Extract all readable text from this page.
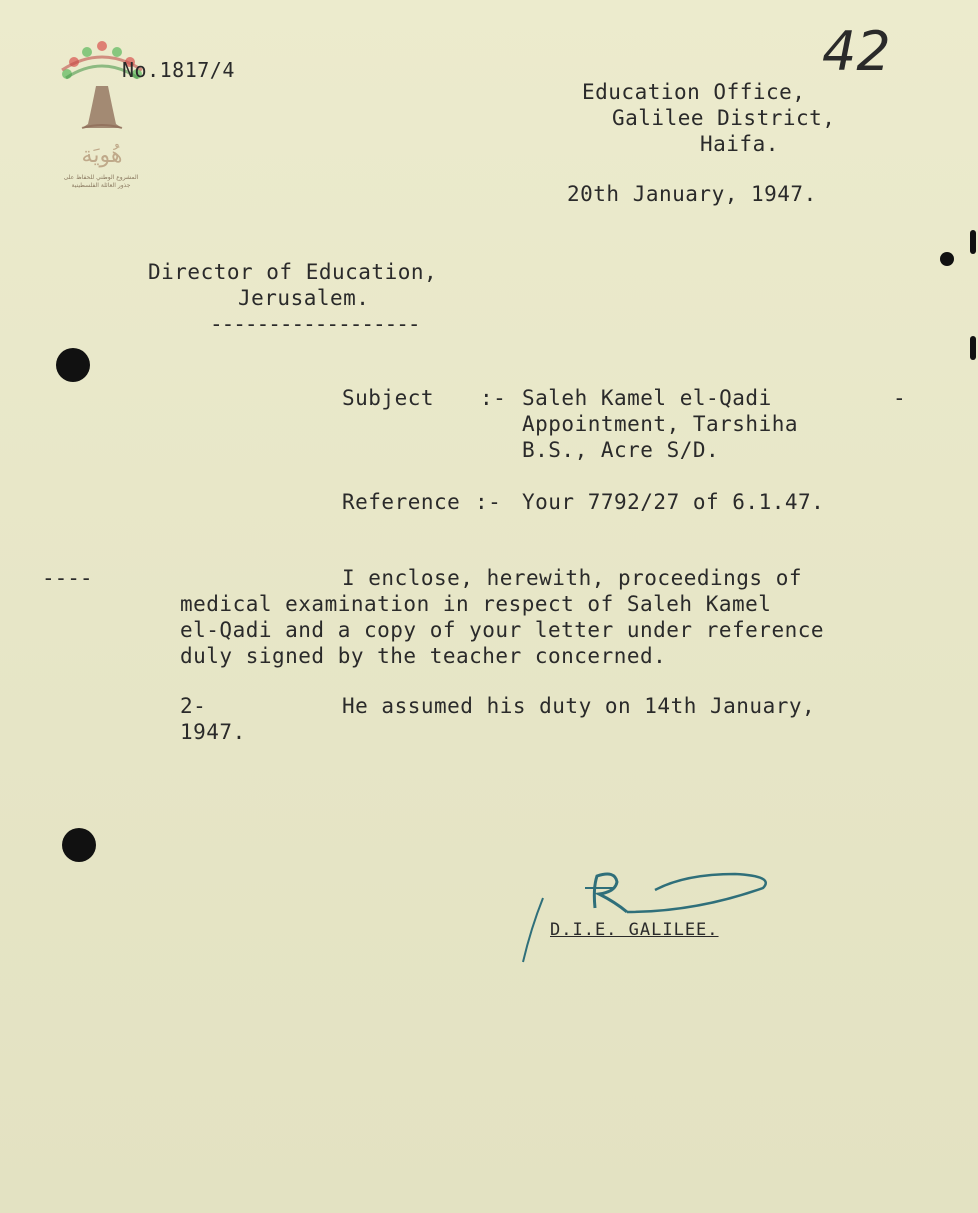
هُويَة
المشروع الوطني للحفاظ على
جذور العائلة الفلسطينية
42
No.1817/4
Education Office,
Galilee District,
Haifa.
20th January, 1947.
Director of Education,
Jerusalem.
------------------
Subject :- Saleh Kamel el-Qadi	-
Appointment, Tarshiha
B.S., Acre S/D.
Reference :- Your 7792/27 of 6.1.47.
----	I enclose, herewith, proceedings of
medical examination in respect of Saleh Kamel
el-Qadi and a copy of your letter under reference
duly signed by the teacher concerned.
2-	He assumed his duty on 14th January,
1947.
D.I.E. GALILEE.
